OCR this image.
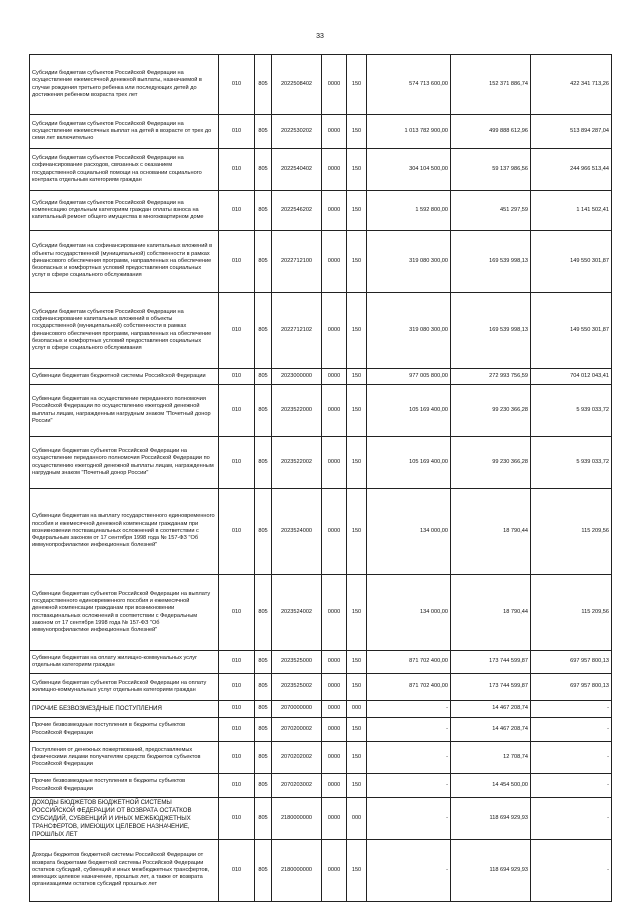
33
Субсидии бюджетам субъектов Российской Федерации на осуществление ежемесячной денежной выплаты, назначаемой в случае рождения третьего ребенка или последующих детей до достижения ребенком возраста трех лет	010	805	2022508402	0000	150	574 713 600,00	152 371 886,74	422 341 713,26
Субсидии бюджетам субъектов Российской Федерации на осуществление ежемесячных выплат на детей в возрасте от трех до семи лет включительно	010	805	2022530202	0000	150	1 013 782 900,00	499 888 612,96	513 894 287,04
Субсидии бюджетам субъектов Российской Федерации на софинансирование расходов, связанных с оказанием государственной социальной помощи на основании социального контракта отдельным категориям граждан	010	805	2022540402	0000	150	304 104 500,00	59 137 986,56	244 966 513,44
Субсидии бюджетам субъектов Российской Федерации на компенсацию отдельным категориям граждан оплаты взноса на капитальный ремонт общего имущества в многоквартирном доме	010	805	2022546202	0000	150	1 592 800,00	451 297,59	1 141 502,41
Субсидии бюджетам на софинансирование капитальных вложений в объекты государственной (муниципальной) собственности в рамках финансового обеспечения программ, направленных на обеспечение безопасных и комфортных условий предоставления социальных услуг в сфере социального обслуживания	010	805	2022712100	0000	150	319 080 300,00	169 539 998,13	149 550 301,87
Субсидии бюджетам субъектов Российской Федерации на софинансирование капитальных вложений в объекты государственной (муниципальной) собственности в рамках финансового обеспечения программ, направленных на обеспечение безопасных и комфортных условий предоставления социальных услуг в сфере социального обслуживания	010	805	2022712102	0000	150	319 080 300,00	169 539 998,13	149 550 301,87
Субвенции бюджетам бюджетной системы Российской Федерации	010	805	2023000000	0000	150	977 005 800,00	272 993 756,59	704 012 043,41
Субвенции бюджетам на осуществление переданного полномочия Российской Федерации по осуществлению ежегодной денежной выплаты лицам, награжденным нагрудным знаком "Почетный донор России"	010	805	2023522000	0000	150	105 169 400,00	99 230 366,28	5 939 033,72
Субвенции бюджетам субъектов Российской Федерации на осуществление переданного полномочия Российской Федерации по осуществлению ежегодной денежной выплаты лицам, награжденным нагрудным знаком "Почетный донор России"	010	805	2023522002	0000	150	105 169 400,00	99 230 366,28	5 939 033,72
Субвенции бюджетам на выплату государственного единовременного пособия и ежемесячной денежной компенсации гражданам при возникновении поствакцинальных осложнений в соответствии с Федеральным законом от 17 сентября 1998 года № 157-ФЗ "Об иммунопрофилактике инфекционных болезней"	010	805	2023524000	0000	150	134 000,00	18 790,44	115 209,56
Субвенции бюджетам субъектов Российской Федерации на выплату государственного единовременного пособия и ежемесячной денежной компенсации гражданам при возникновении поствакцинальных осложнений в соответствии с Федеральным законом от 17 сентября 1998 года № 157-ФЗ "Об иммунопрофилактике инфекционных болезней"	010	805	2023524002	0000	150	134 000,00	18 790,44	115 209,56
Субвенции бюджетам на оплату жилищно-коммунальных услуг отдельным категориям граждан	010	805	2023525000	0000	150	871 702 400,00	173 744 599,87	697 957 800,13
Субвенции бюджетам субъектов Российской Федерации на оплату жилищно-коммунальных услуг отдельным категориям граждан	010	805	2023525002	0000	150	871 702 400,00	173 744 599,87	697 957 800,13
ПРОЧИЕ БЕЗВОЗМЕЗДНЫЕ ПОСТУПЛЕНИЯ	010	805	2070000000	0000	000	-	14 467 208,74	-
Прочие безвозмездные поступления в бюджеты субъектов Российской Федерации	010	805	2070200002	0000	150	-	14 467 208,74	-
Поступления от денежных пожертвований, предоставляемых физическими лицами получателям средств бюджетов субъектов Российской Федерации	010	805	2070202002	0000	150	-	12 708,74	-
Прочие безвозмездные поступления в бюджеты субъектов Российской Федерации	010	805	2070203002	0000	150	-	14 454 500,00	-
ДОХОДЫ БЮДЖЕТОВ БЮДЖЕТНОЙ СИСТЕМЫ РОССИЙСКОЙ ФЕДЕРАЦИИ ОТ ВОЗВРАТА ОСТАТКОВ СУБСИДИЙ, СУБВЕНЦИЙ И ИНЫХ МЕЖБЮДЖЕТНЫХ ТРАНСФЕРТОВ, ИМЕЮЩИХ ЦЕЛЕВОЕ НАЗНАЧЕНИЕ, ПРОШЛЫХ ЛЕТ	010	805	2180000000	0000	000	-	118 694 929,93	-
Доходы бюджетов бюджетной системы Российской Федерации от возврата бюджетами бюджетной системы Российской Федерации остатков субсидий, субвенций и иных межбюджетных трансфертов, имеющих целевое назначение, прошлых лет, а также от возврата организациями остатков субсидий прошлых лет	010	805	2180000000	0000	150	-	118 694 929,93	-
